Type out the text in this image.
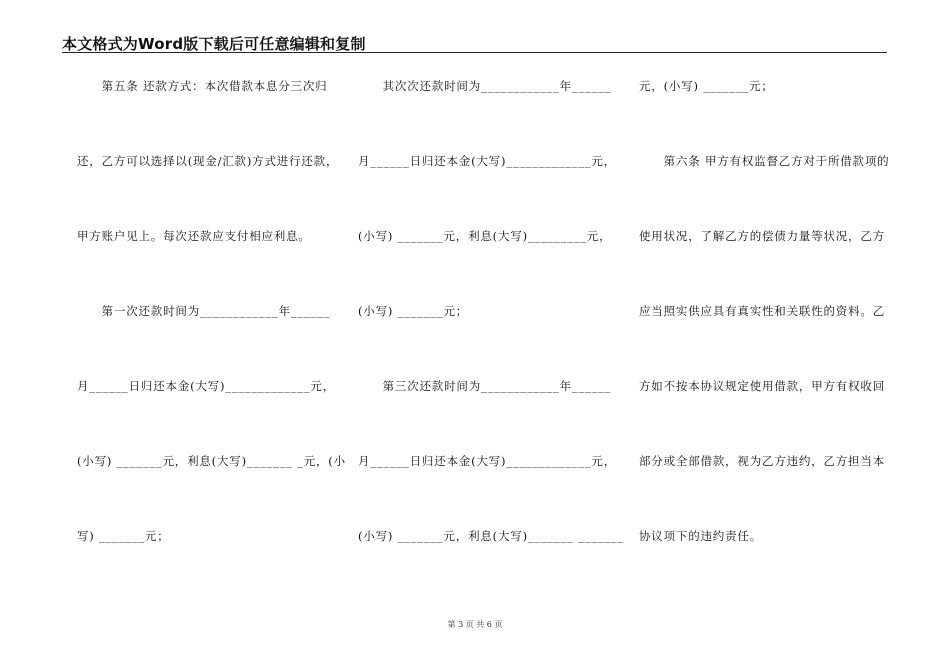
本文格式为Word版下载后可任意编辑和复制
　　第五条 还款方式：本次借款本息分三次归
还，乙方可以选择以(现金/汇款)方式进行还款，
甲方账户见上。每次还款应支付相应利息。
　　第一次还款时间为____________年______
月______日归还本金(大写)_____________元，
(小写) _______元，利息(大写)_______ _元，(小
写) _______元；
　　其次次还款时间为____________年______
月______日归还本金(大写)_____________元，
(小写) _______元，利息(大写)_________元，
(小写) _______元；
　　第三次还款时间为____________年______
月______日归还本金(大写)_____________元，
(小写) _______元，利息(大写)_______ _______
元，(小写) _______元；
　　第六条 甲方有权监督乙方对于所借款项的
使用状况，了解乙方的偿债力量等状况，乙方
应当照实供应具有真实性和关联性的资料。乙
方如不按本协议规定使用借款，甲方有权收回
部分或全部借款，视为乙方违约，乙方担当本
协议项下的违约责任。
第 3 页 共 6 页
